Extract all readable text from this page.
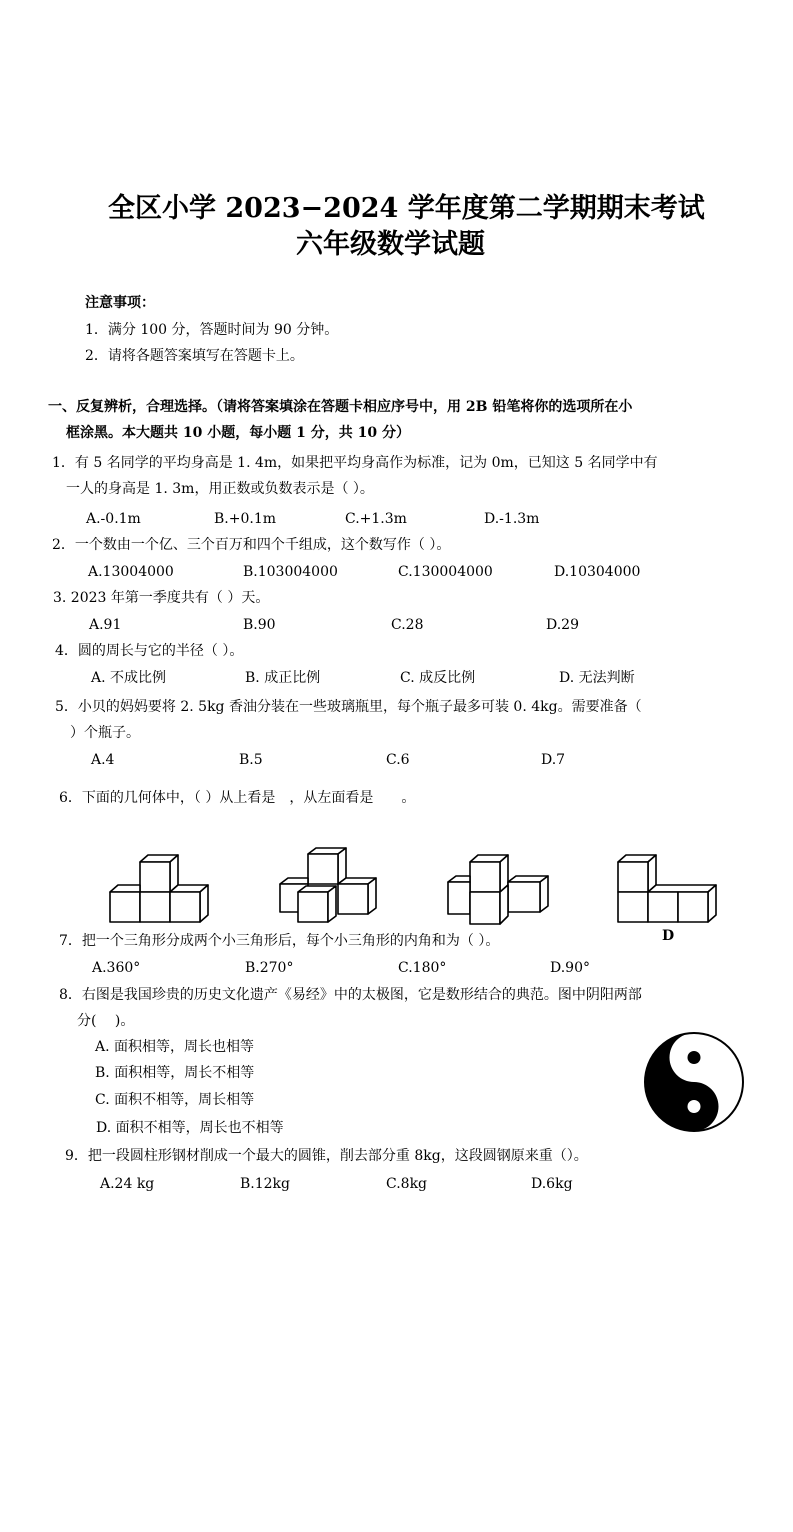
全区小学 2023−2024 学年度第二学期期末考试
六年级数学试题
注意事项：
1．满分 100 分，答题时间为 90 分钟。
2．请将各题答案填写在答题卡上。
一、反复辨析，合理选择。（请将答案填涂在答题卡相应序号中，用 2B 铅笔将你的选项所在小
框涂黑。本大题共 10 小题，每小题 1 分，共 10 分）
1．有 5 名同学的平均身高是 1. 4m，如果把平均身高作为标准，记为 0m，已知这 5 名同学中有
一人的身高是 1. 3m，用正数或负数表示是（ ）。
A.-0.1m	B.+0.1m	C.+1.3m	D.-1.3m
2．一个数由一个亿、三个百万和四个千组成，这个数写作（ ）。
A.13004000	B.103004000	C.130004000	D.10304000
3. 2023 年第一季度共有（ ）天。
A.91	B.90	C.28	D.29
4．圆的周长与它的半径（ ）。
A. 不成比例	B. 成正比例	C. 成反比例	D. 无法判断
5．小贝的妈妈要将 2. 5kg 香油分装在一些玻璃瓶里，每个瓶子最多可装 0. 4kg。需要准备（
）个瓶子。
A.4	B.5	C.6	D.7
6．下面的几何体中，（ ）从上看是　，从左面看是　　。
D
7．把一个三角形分成两个小三角形后，每个小三角形的内角和为（ ）。
A.360°	B.270°	C.180°	D.90°
8．右图是我国珍贵的历史文化遗产《易经》中的太极图，它是数形结合的典范。图中阴阳两部
分(　 )。
A. 面积相等，周长也相等
B. 面积相等，周长不相等
C. 面积不相等，周长相等
D. 面积不相等，周长也不相等
9．把一段圆柱形钢材削成一个最大的圆锥，削去部分重 8kg，这段圆钢原来重（）。
A.24 kg	B.12kg	C.8kg	D.6kg
